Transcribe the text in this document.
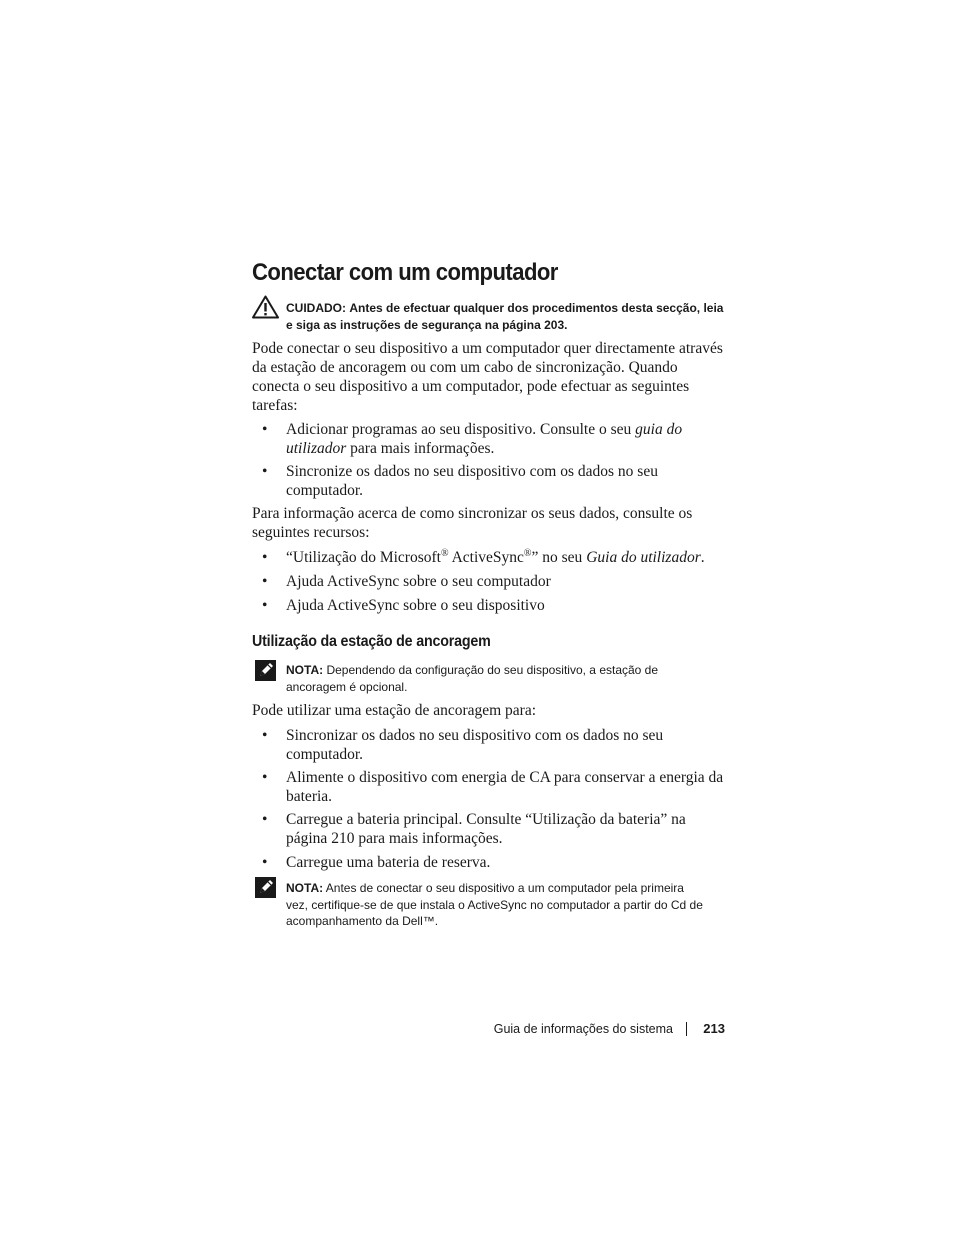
Conectar com um computador
CUIDADO: Antes de efectuar qualquer dos procedimentos desta secção, leia
e siga as instruções de segurança na página 203.
Pode conectar o seu dispositivo a um computador quer directamente através
da estação de ancoragem ou com um cabo de sincronização. Quando
conecta o seu dispositivo a um computador, pode efectuar as seguintes
tarefas:
•	Adicionar programas ao seu dispositivo. Consulte o seu guia do
utilizador para mais informações.
•	Sincronize os dados no seu dispositivo com os dados no seu
computador.
Para informação acerca de como sincronizar os seus dados, consulte os
seguintes recursos:
•	“Utilização do Microsoft® ActiveSync®” no seu Guia do utilizador.
•	Ajuda ActiveSync sobre o seu computador
•	Ajuda ActiveSync sobre o seu dispositivo
Utilização da estação de ancoragem
NOTA: Dependendo da configuração do seu dispositivo, a estação de
ancoragem é opcional.
Pode utilizar uma estação de ancoragem para:
•	Sincronizar os dados no seu dispositivo com os dados no seu
computador.
•	Alimente o dispositivo com energia de CA para conservar a energia da
bateria.
•	Carregue a bateria principal. Consulte “Utilização da bateria” na
página 210 para mais informações.
•	Carregue uma bateria de reserva.
NOTA: Antes de conectar o seu dispositivo a um computador pela primeira
vez, certifique-se de que instala o ActiveSync no computador a partir do Cd de
acompanhamento da Dell™.
Guia de informações do sistema 213
